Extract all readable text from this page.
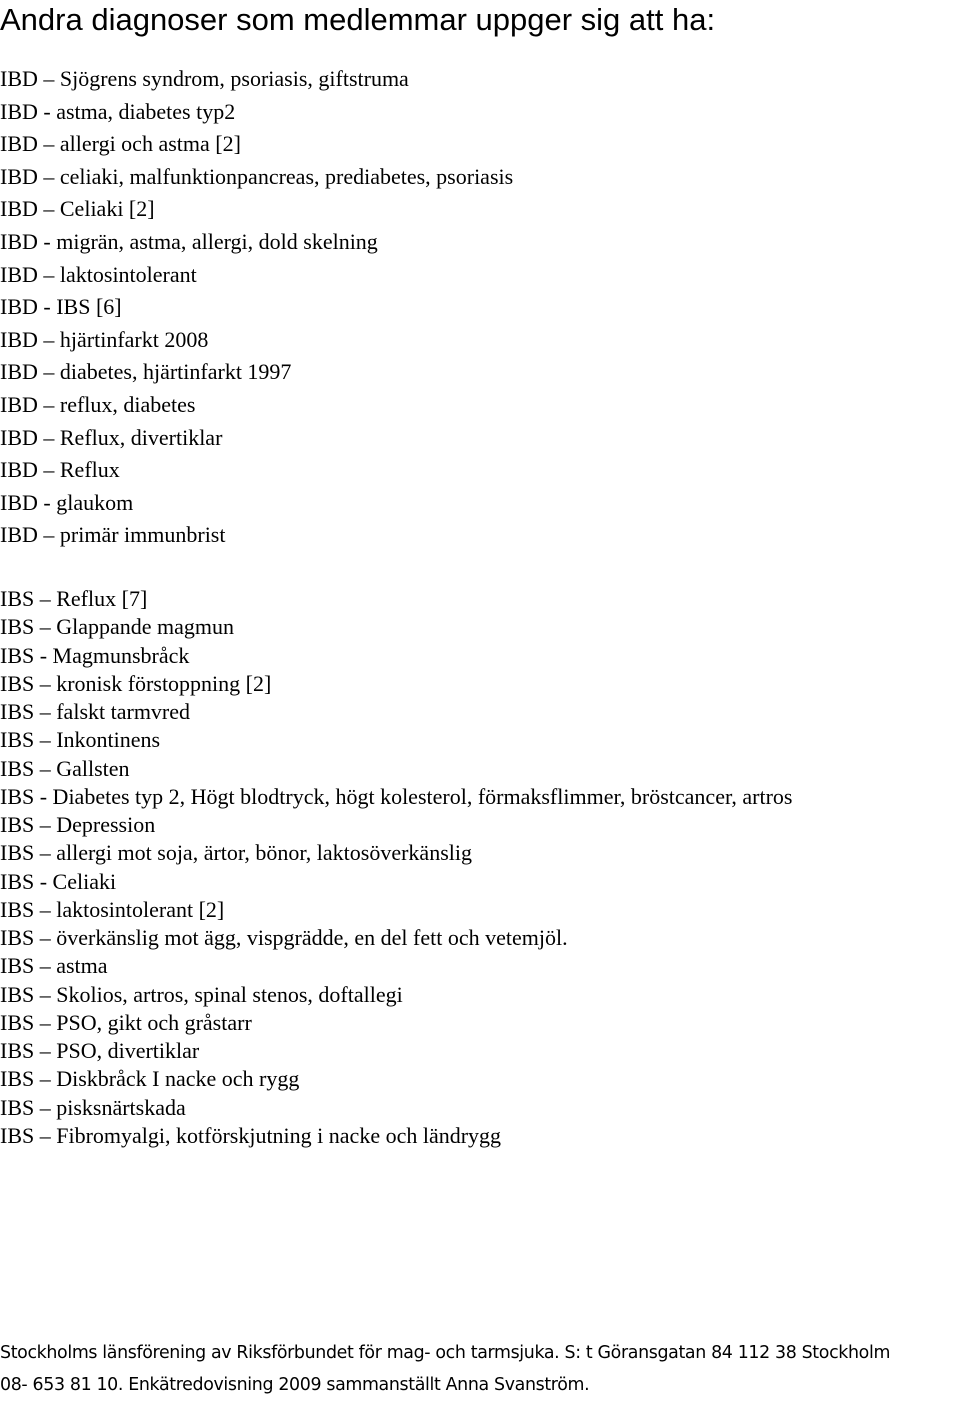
Andra diagnoser som medlemmar uppger sig att ha:
IBD – Sjögrens syndrom, psoriasis, giftstruma
IBD - astma, diabetes typ2
IBD – allergi och astma [2]
IBD – celiaki, malfunktionpancreas, prediabetes, psoriasis
IBD – Celiaki [2]
IBD - migrän, astma, allergi, dold skelning
IBD – laktosintolerant
IBD - IBS [6]
IBD – hjärtinfarkt 2008
IBD – diabetes, hjärtinfarkt 1997
IBD – reflux, diabetes
IBD – Reflux, divertiklar
IBD – Reflux
IBD - glaukom
IBD – primär immunbrist
IBS – Reflux [7]
IBS – Glappande magmun
IBS - Magmunsbråck
IBS – kronisk förstoppning [2]
IBS – falskt tarmvred
IBS – Inkontinens
IBS – Gallsten
IBS - Diabetes typ 2, Högt blodtryck, högt kolesterol, förmaksflimmer, bröstcancer, artros
IBS – Depression
IBS – allergi mot soja, ärtor, bönor, laktosöverkänslig
IBS - Celiaki
IBS – laktosintolerant [2]
IBS – överkänslig mot ägg, vispgrädde, en del fett och vetemjöl.
IBS – astma
IBS – Skolios, artros, spinal stenos, doftallegi
IBS – PSO, gikt och gråstarr
IBS – PSO, divertiklar
IBS – Diskbråck I nacke och rygg
IBS – pisksnärtskada
IBS – Fibromyalgi, kotförskjutning i nacke och ländrygg
Stockholms länsförening av Riksförbundet för mag- och tarmsjuka. S: t Göransgatan 84 112 38 Stockholm
08- 653 81 10. Enkätredovisning 2009 sammanställt Anna Svanström.
